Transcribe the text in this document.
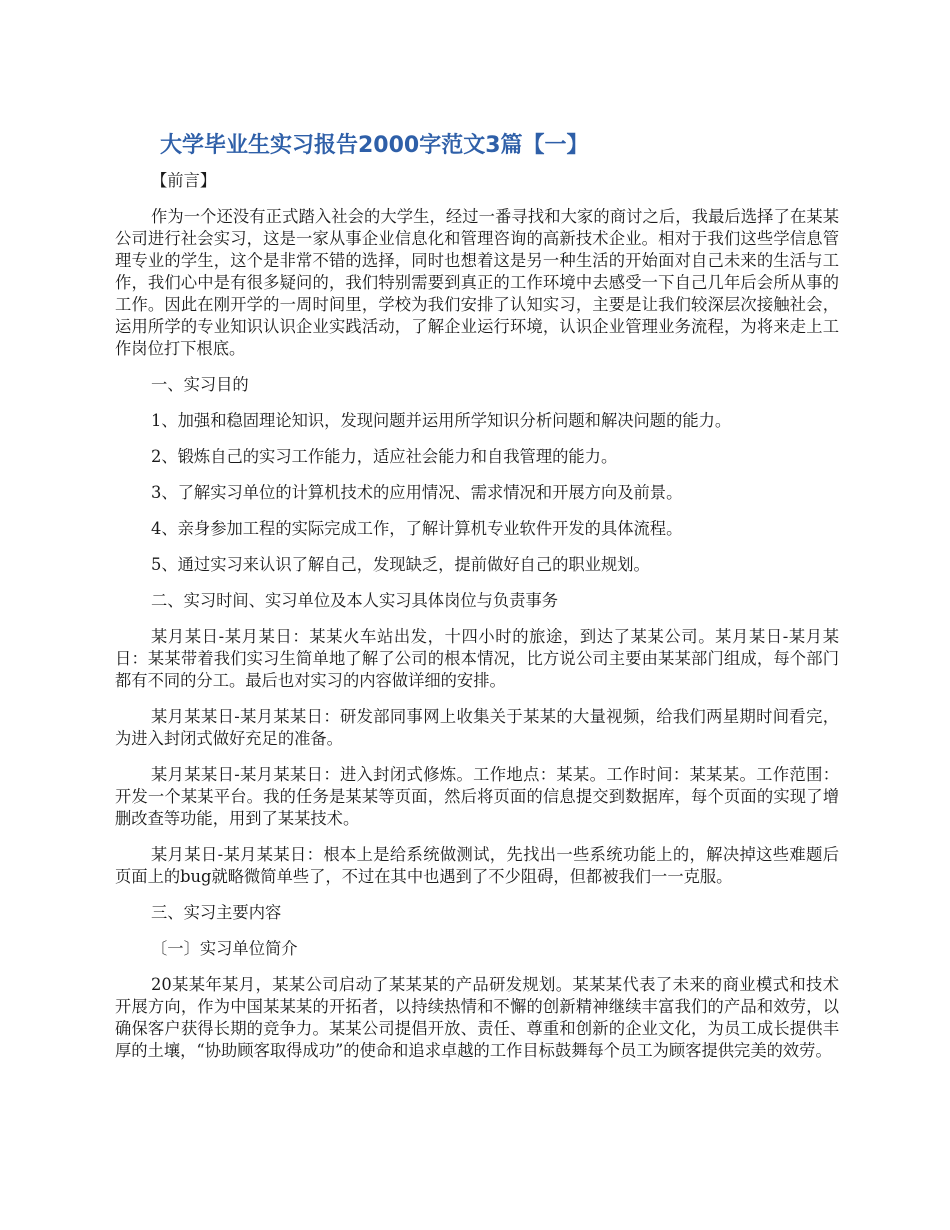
大学毕业生实习报告2000字范文3篇【一】

【前言】

作为一个还没有正式踏入社会的大学生，经过一番寻找和大家的商讨之后，我最后选择了在某某公司进行社会实习，这是一家从事企业信息化和管理咨询的高新技术企业。相对于我们这些学信息管理专业的学生，这个是非常不错的选择，同时也想着这是另一种生活的开始面对自己未来的生活与工作，我们心中是有很多疑问的，我们特别需要到真正的工作环境中去感受一下自己几年后会所从事的工作。因此在刚开学的一周时间里，学校为我们安排了认知实习，主要是让我们较深层次接触社会，运用所学的专业知识认识企业实践活动，了解企业运行环境，认识企业管理业务流程，为将来走上工作岗位打下根底。

一、实习目的

1、加强和稳固理论知识，发现问题并运用所学知识分析问题和解决问题的能力。

2、锻炼自己的实习工作能力，适应社会能力和自我管理的能力。

3、了解实习单位的计算机技术的应用情况、需求情况和开展方向及前景。

4、亲身参加工程的实际完成工作，了解计算机专业软件开发的具体流程。

5、通过实习来认识了解自己，发现缺乏，提前做好自己的职业规划。

二、实习时间、实习单位及本人实习具体岗位与负责事务

某月某日-某月某日：某某火车站出发，十四小时的旅途，到达了某某公司。某月某日-某月某日：某某带着我们实习生简单地了解了公司的根本情况，比方说公司主要由某某部门组成，每个部门都有不同的分工。最后也对实习的内容做详细的安排。

某月某某日-某月某某日：研发部同事网上收集关于某某的大量视频，给我们两星期时间看完，为进入封闭式做好充足的准备。

某月某某日-某月某某日：进入封闭式修炼。工作地点：某某。工作时间：某某某。工作范围：开发一个某某平台。我的任务是某某等页面，然后将页面的信息提交到数据库，每个页面的实现了增删改查等功能，用到了某某技术。

某月某日-某月某某日：根本上是给系统做测试，先找出一些系统功能上的，解决掉这些难题后页面上的bug就略微简单些了，不过在其中也遇到了不少阻碍，但都被我们一一克服。

三、实习主要内容

〔一〕实习单位简介

20某某年某月，某某公司启动了某某某的产品研发规划。某某某代表了未来的商业模式和技术开展方向，作为中国某某某的开拓者，以持续热情和不懈的创新精神继续丰富我们的产品和效劳，以确保客户获得长期的竞争力。某某公司提倡开放、责任、尊重和创新的企业文化，为员工成长提供丰厚的土壤，“协助顾客取得成功”的使命和追求卓越的工作目标鼓舞每个员工为顾客提供完美的效劳。
